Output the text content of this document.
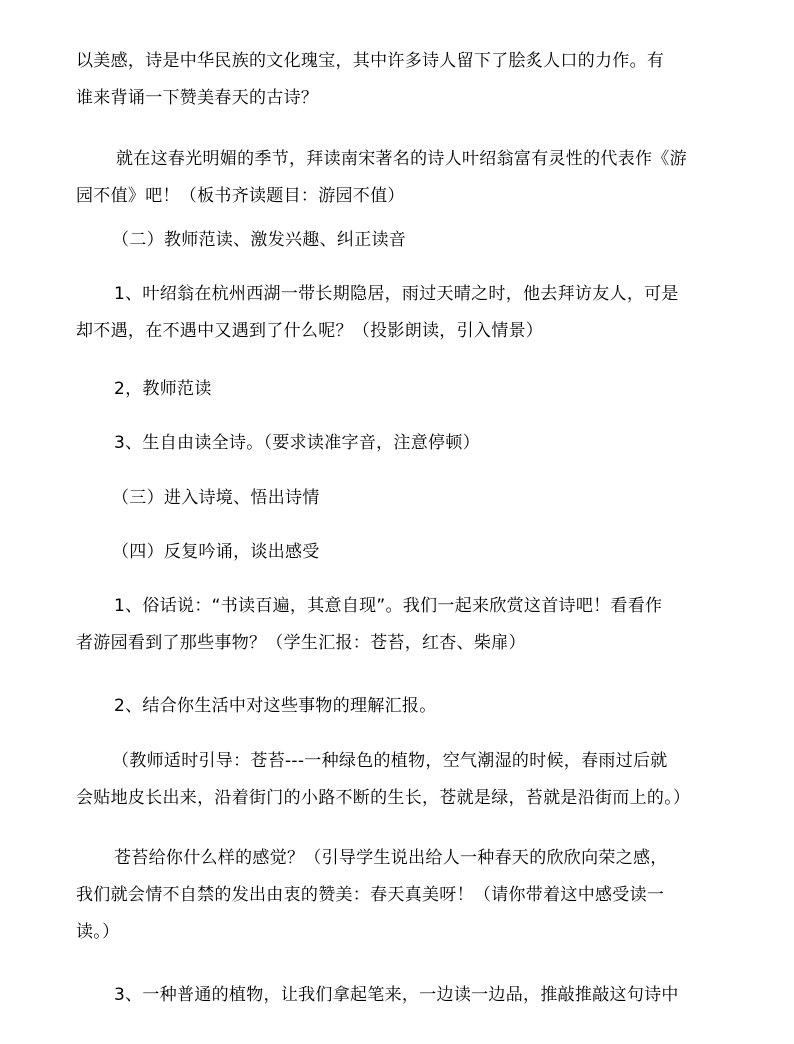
以美感，诗是中华民族的文化瑰宝，其中许多诗人留下了脍炙人口的力作。有
谁来背诵一下赞美春天的古诗？
就在这春光明媚的季节，拜读南宋著名的诗人叶绍翁富有灵性的代表作《游
园不值》吧！（板书齐读题目：游园不值）
（二）教师范读、激发兴趣、纠正读音
1、叶绍翁在杭州西湖一带长期隐居，雨过天晴之时，他去拜访友人，可是
却不遇，在不遇中又遇到了什么呢？（投影朗读，引入情景）
2，教师范读
3、生自由读全诗。（要求读准字音，注意停顿）
（三）进入诗境、悟出诗情
（四）反复吟诵，谈出感受
1、俗话说：“书读百遍，其意自现”。我们一起来欣赏这首诗吧！看看作
者游园看到了那些事物？（学生汇报：苍苔，红杏、柴扉）
2、结合你生活中对这些事物的理解汇报。
（教师适时引导：苍苔---一种绿色的植物，空气潮湿的时候，春雨过后就
会贴地皮长出来，沿着街门的小路不断的生长，苍就是绿，苔就是沿街而上的。）
苍苔给你什么样的感觉？（引导学生说出给人一种春天的欣欣向荣之感，
我们就会情不自禁的发出由衷的赞美：春天真美呀！（请你带着这中感受读一
读。）
3、一种普通的植物，让我们拿起笔来，一边读一边品，推敲推敲这句诗中
